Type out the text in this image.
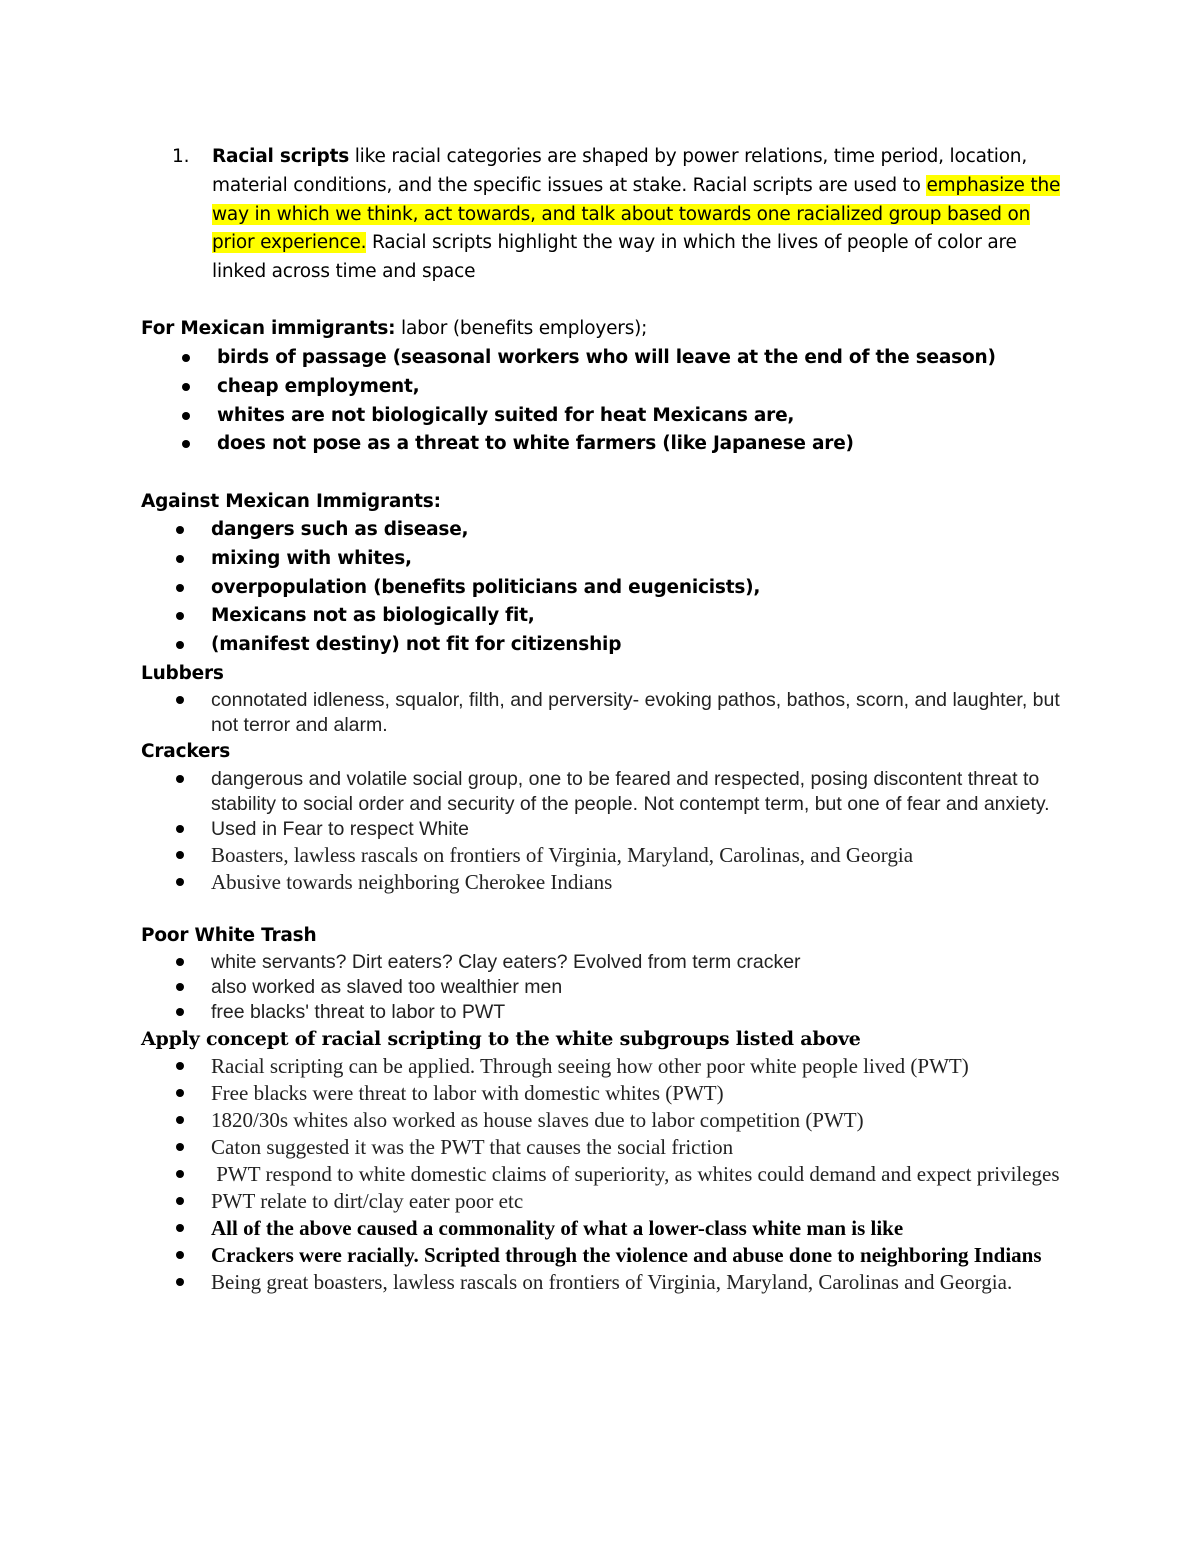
1. Racial scripts like racial categories are shaped by power relations, time period, location, material conditions, and the specific issues at stake. Racial scripts are used to emphasize the way in which we think, act towards, and talk about towards one racialized group based on prior experience. Racial scripts highlight the way in which the lives of people of color are linked across time and space
For Mexican immigrants: labor (benefits employers);
birds of passage (seasonal workers who will leave at the end of the season)
cheap employment,
whites are not biologically suited for heat Mexicans are,
does not pose as a threat to white farmers (like Japanese are)
Against Mexican Immigrants:
dangers such as disease,
mixing with whites,
overpopulation (benefits politicians and eugenicists),
Mexicans not as biologically fit,
(manifest destiny) not fit for citizenship
Lubbers
connotated idleness, squalor, filth, and perversity- evoking pathos, bathos, scorn, and laughter, but not terror and alarm.
Crackers
dangerous and volatile social group, one to be feared and respected, posing discontent threat to stability to social order and security of the people. Not contempt term, but one of fear and anxiety.
Used in Fear to respect White
Boasters, lawless rascals on frontiers of Virginia, Maryland, Carolinas, and Georgia
Abusive towards neighboring Cherokee Indians
Poor White Trash
white servants? Dirt eaters? Clay eaters? Evolved from term cracker
also worked as slaved too wealthier men
free blacks' threat to labor to PWT
Apply concept of racial scripting to the white subgroups listed above
Racial scripting can be applied. Through seeing how other poor white people lived (PWT)
Free blacks were threat to labor with domestic whites (PWT)
1820/30s whites also worked as house slaves due to labor competition (PWT)
Caton suggested it was the PWT that causes the social friction
PWT respond to white domestic claims of superiority, as whites could demand and expect privileges
PWT relate to dirt/clay eater poor etc
All of the above caused a commonality of what a lower-class white man is like
Crackers were racially. Scripted through the violence and abuse done to neighboring Indians
Being great boasters, lawless rascals on frontiers of Virginia, Maryland, Carolinas and Georgia.
